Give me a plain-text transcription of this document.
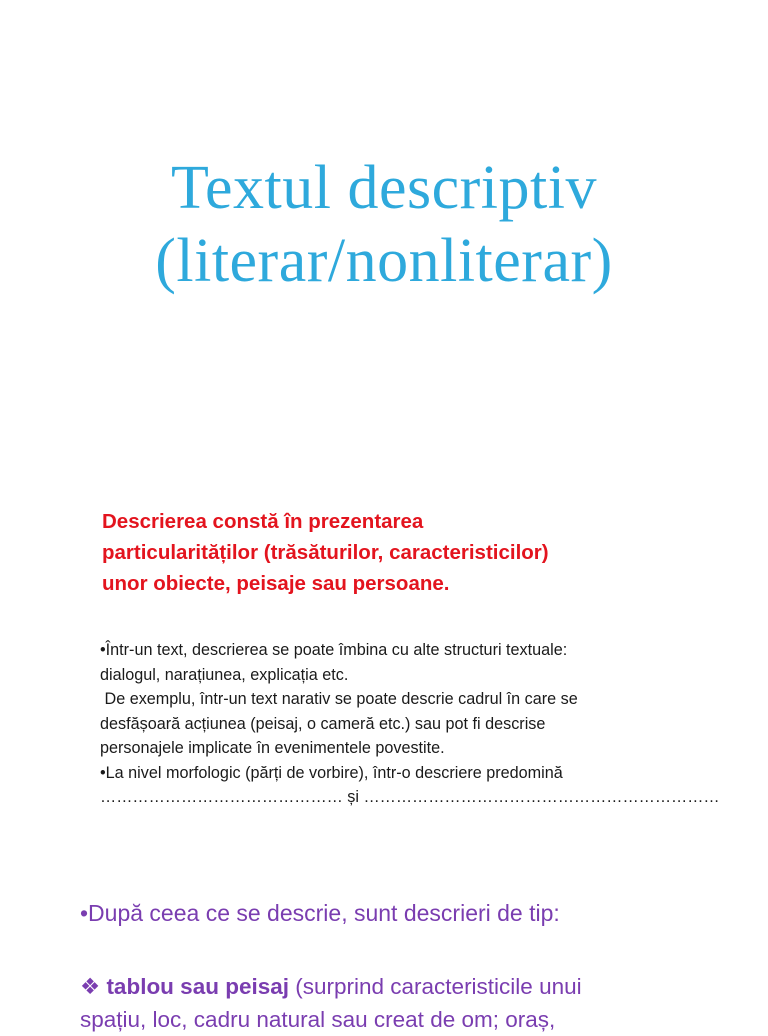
Textul descriptiv
(literar/nonliterar)
Descrierea constă în prezentarea
particularităților (trăsăturilor, caracteristicilor)
unor obiecte, peisaje sau persoane.
•Într-un text, descrierea se poate îmbina cu alte structuri textuale:
dialogul, narațiunea, explicația etc.
De exemplu, într-un text narativ se poate descrie cadrul în care se
desfășoară acțiunea (peisaj, o cameră etc.) sau pot fi descrise
personajele implicate în evenimentele povestite.
•La nivel morfologic (părți de vorbire), într-o descriere predomină
……………………………………… și …………………………………………………………
•După ceea ce se descrie, sunt descrieri de tip:
❖ tablou sau peisaj (surprind caracteristicile unui
spațiu, loc, cadru natural sau creat de om; oraș,
